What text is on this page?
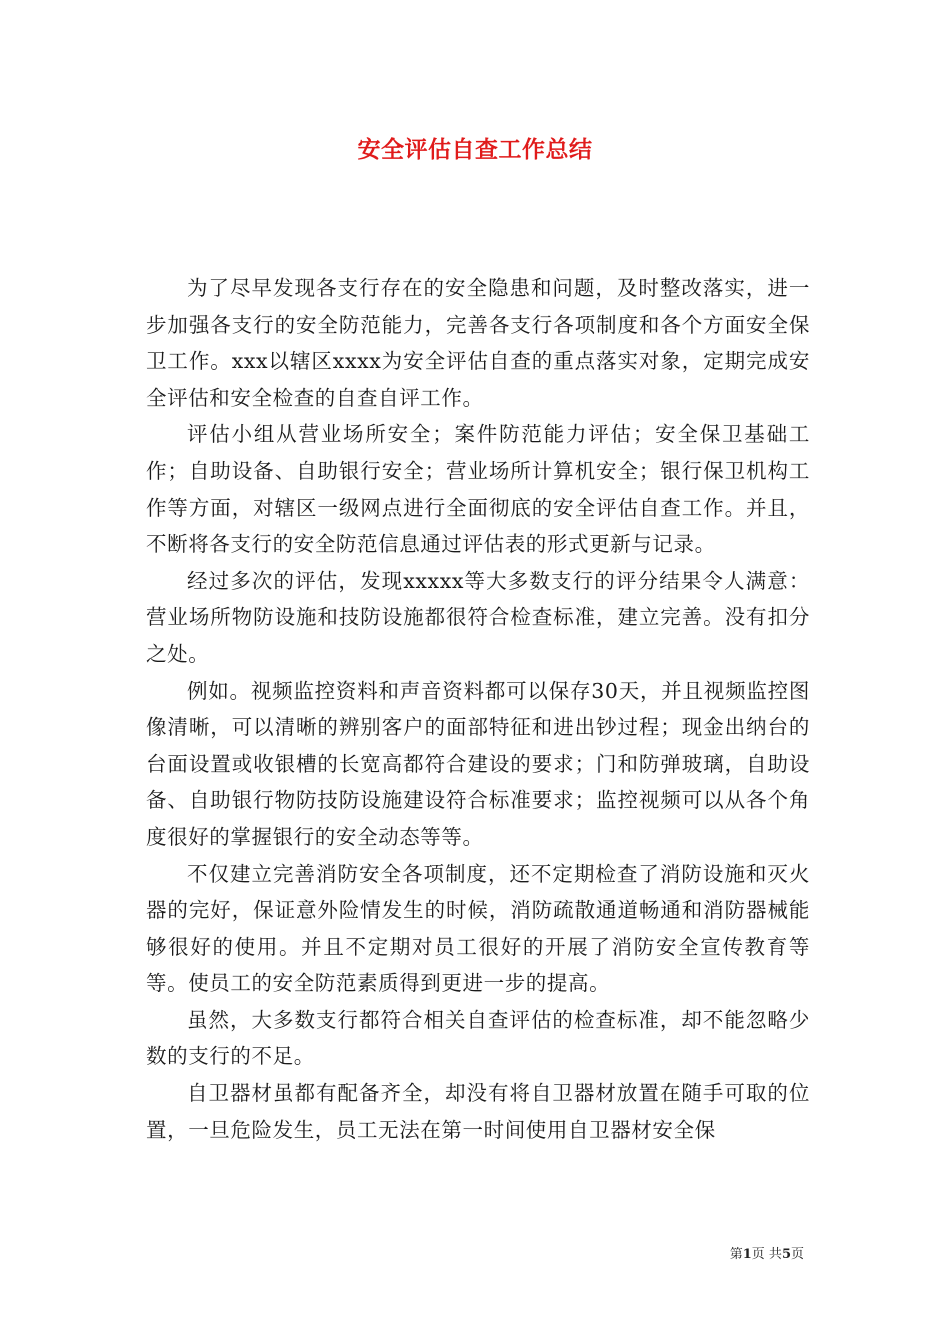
安全评估自查工作总结

为了尽早发现各支行存在的安全隐患和问题，及时整改落实，进一步加强各支行的安全防范能力，完善各支行各项制度和各个方面安全保卫工作。xxx以辖区xxxx为安全评估自查的重点落实对象，定期完成安全评估和安全检查的自查自评工作。

评估小组从营业场所安全；案件防范能力评估；安全保卫基础工作；自助设备、自助银行安全；营业场所计算机安全；银行保卫机构工作等方面，对辖区一级网点进行全面彻底的安全评估自查工作。并且，不断将各支行的安全防范信息通过评估表的形式更新与记录。

经过多次的评估，发现xxxxx等大多数支行的评分结果令人满意：营业场所物防设施和技防设施都很符合检查标准，建立完善。没有扣分之处。

例如。视频监控资料和声音资料都可以保存30天，并且视频监控图像清晰，可以清晰的辨别客户的面部特征和进出钞过程；现金出纳台的台面设置或收银槽的长宽高都符合建设的要求；门和防弹玻璃，自助设备、自助银行物防技防设施建设符合标准要求；监控视频可以从各个角度很好的掌握银行的安全动态等等。

不仅建立完善消防安全各项制度，还不定期检查了消防设施和灭火器的完好，保证意外险情发生的时候，消防疏散通道畅通和消防器械能够很好的使用。并且不定期对员工很好的开展了消防安全宣传教育等等。使员工的安全防范素质得到更进一步的提高。

虽然，大多数支行都符合相关自查评估的检查标准，却不能忽略少数的支行的不足。

自卫器材虽都有配备齐全，却没有将自卫器材放置在随手可取的位置，一旦危险发生，员工无法在第一时间使用自卫器材安全保

第1页 共5页
